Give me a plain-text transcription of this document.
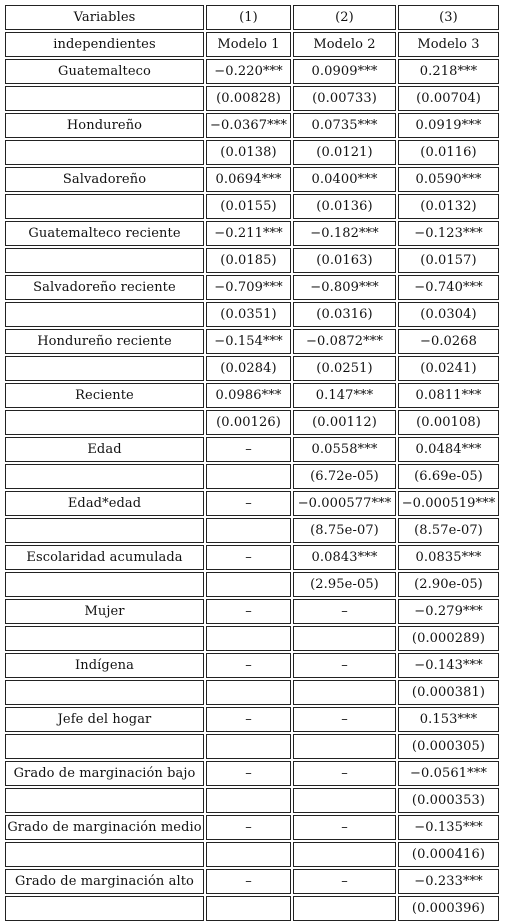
Variables	(1)	(2)	(3)
independientes	Modelo 1	Modelo 2	Modelo 3
Guatemalteco	−0.220***	0.0909***	0.218***
	(0.00828)	(0.00733)	(0.00704)
Hondureño	−0.0367***	0.0735***	0.0919***
	(0.0138)	(0.0121)	(0.0116)
Salvadoreño	0.0694***	0.0400***	0.0590***
	(0.0155)	(0.0136)	(0.0132)
Guatemalteco reciente	−0.211***	−0.182***	−0.123***
	(0.0185)	(0.0163)	(0.0157)
Salvadoreño reciente	−0.709***	−0.809***	−0.740***
	(0.0351)	(0.0316)	(0.0304)
Hondureño reciente	−0.154***	−0.0872***	−0.0268
	(0.0284)	(0.0251)	(0.0241)
Reciente	0.0986***	0.147***	0.0811***
	(0.00126)	(0.00112)	(0.00108)
Edad	–	0.0558***	0.0484***
		(6.72e-05)	(6.69e-05)
Edad*edad	–	−0.000577***	−0.000519***
		(8.75e-07)	(8.57e-07)
Escolaridad acumulada	–	0.0843***	0.0835***
		(2.95e-05)	(2.90e-05)
Mujer	–	–	−0.279***
			(0.000289)
Indígena	–	–	−0.143***
			(0.000381)
Jefe del hogar	–	–	0.153***
			(0.000305)
Grado de marginación bajo	–	–	−0.0561***
			(0.000353)
Grado de marginación medio	–	–	−0.135***
			(0.000416)
Grado de marginación alto	–	–	−0.233***
			(0.000396)
